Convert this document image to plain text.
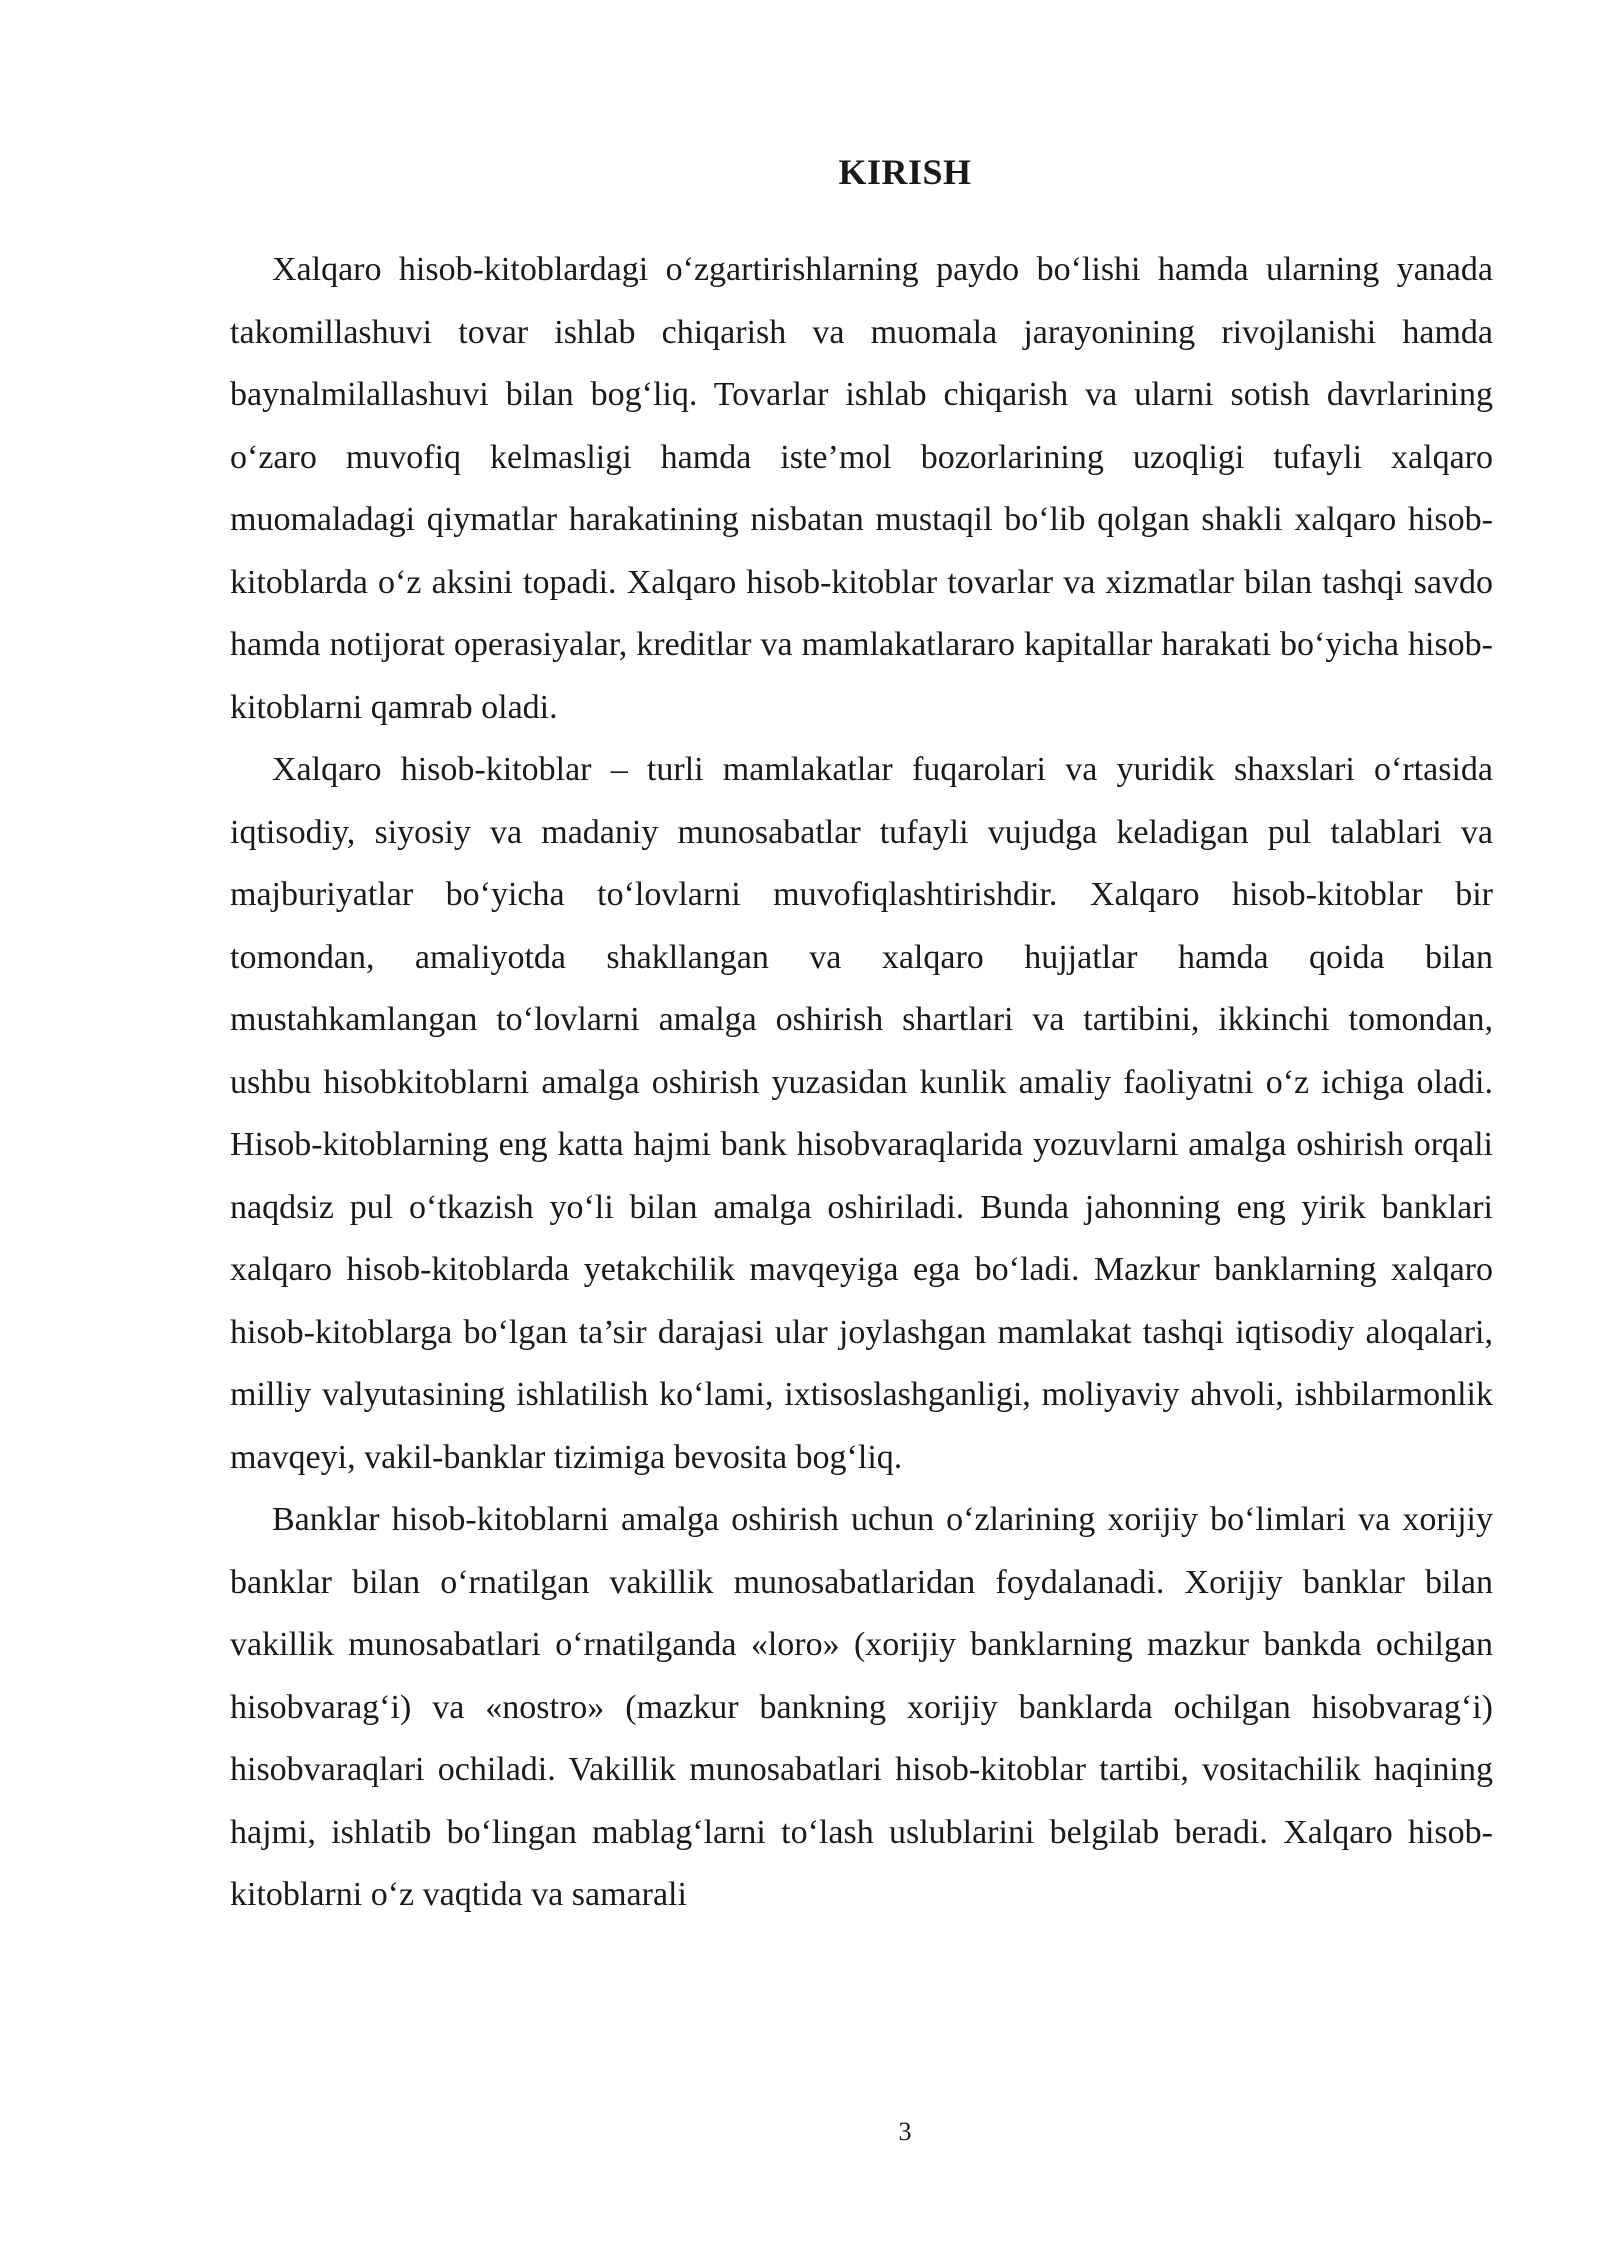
KIRISH

Xalqaro hisob-kitoblardagi o‘zgartirishlarning paydo bo‘lishi hamda ularning yanada takomillashuvi tovar ishlab chiqarish va muomala jarayonining rivojlanishi hamda baynalmilallashuvi bilan bog‘liq. Tovarlar ishlab chiqarish va ularni sotish davrlarining o‘zaro muvofiq kelmasligi hamda iste’mol bozorlarining uzoqligi tufayli xalqaro muomaladagi qiymatlar harakatining nisbatan mustaqil bo‘lib qolgan shakli xalqaro hisob-kitoblarda o‘z aksini topadi. Xalqaro hisob-kitoblar tovarlar va xizmatlar bilan tashqi savdo hamda notijorat operasiyalar, kreditlar va mamlakatlararo kapitallar harakati bo‘yicha hisob-kitoblarni qamrab oladi.

Xalqaro hisob-kitoblar – turli mamlakatlar fuqarolari va yuridik shaxslari o‘rtasida iqtisodiy, siyosiy va madaniy munosabatlar tufayli vujudga keladigan pul talablari va majburiyatlar bo‘yicha to‘lovlarni muvofiqlashtirishdir. Xalqaro hisob-kitoblar bir tomondan, amaliyotda shakllangan va xalqaro hujjatlar hamda qoida bilan mustahkamlangan to‘lovlarni amalga oshirish shartlari va tartibini, ikkinchi tomondan, ushbu hisobkitoblarni amalga oshirish yuzasidan kunlik amaliy faoliyatni o‘z ichiga oladi. Hisob-kitoblarning eng katta hajmi bank hisobvaraqlarida yozuvlarni amalga oshirish orqali naqdsiz pul o‘tkazish yo‘li bilan amalga oshiriladi. Bunda jahonning eng yirik banklari xalqaro hisob-kitoblarda yetakchilik mavqeyiga ega bo‘ladi. Mazkur banklarning xalqaro hisob-kitoblarga bo‘lgan ta’sir darajasi ular joylashgan mamlakat tashqi iqtisodiy aloqalari, milliy valyutasining ishlatilish ko‘lami, ixtisoslashganligi, moliyaviy ahvoli, ishbilarmonlik mavqeyi, vakil-banklar tizimiga bevosita bog‘liq.

Banklar hisob-kitoblarni amalga oshirish uchun o‘zlarining xorijiy bo‘limlari va xorijiy banklar bilan o‘rnatilgan vakillik munosabatlaridan foydalanadi. Xorijiy banklar bilan vakillik munosabatlari o‘rnatilganda «loro» (xorijiy banklarning mazkur bankda ochilgan hisobvarag‘i) va «nostro» (mazkur bankning xorijiy banklarda ochilgan hisobvarag‘i) hisobvaraqlari ochiladi. Vakillik munosabatlari hisob-kitoblar tartibi, vositachilik haqining hajmi, ishlatib bo‘lingan mablag‘larni to‘lash uslublarini belgilab beradi. Xalqaro hisob-kitoblarni o‘z vaqtida va samarali

3
